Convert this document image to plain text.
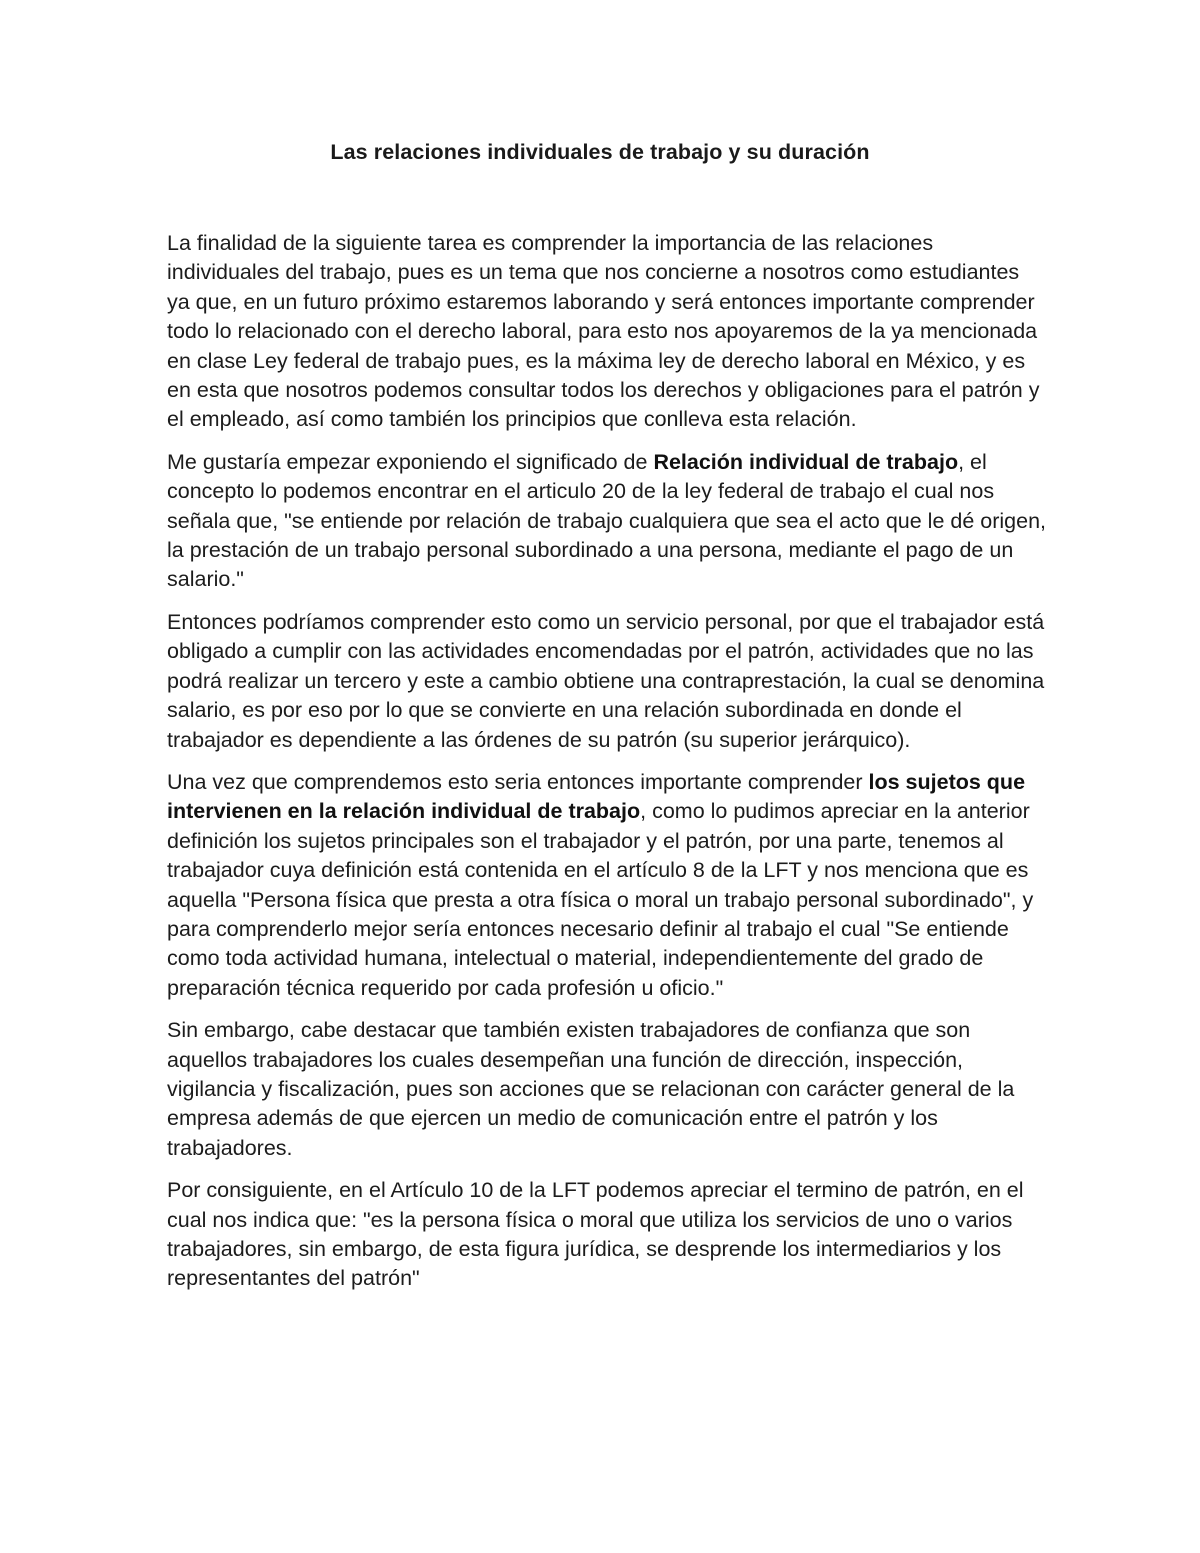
Las relaciones individuales de trabajo y su duración

La finalidad de la siguiente tarea es comprender la importancia de las relaciones individuales del trabajo, pues es un tema que nos concierne a nosotros como estudiantes ya que, en un futuro próximo estaremos laborando y será entonces importante comprender todo lo relacionado con el derecho laboral, para esto nos apoyaremos de la ya mencionada en clase Ley federal de trabajo pues, es la máxima ley de derecho laboral en México, y es en esta que nosotros podemos consultar todos los derechos y obligaciones para el patrón y el empleado, así como también los principios que conlleva esta relación.

Me gustaría empezar exponiendo el significado de Relación individual de trabajo, el concepto lo podemos encontrar en el articulo 20 de la ley federal de trabajo el cual nos señala que, "se entiende por relación de trabajo cualquiera que sea el acto que le dé origen, la prestación de un trabajo personal subordinado a una persona, mediante el pago de un salario."

Entonces podríamos comprender esto como un servicio personal, por que el trabajador está obligado a cumplir con las actividades encomendadas por el patrón, actividades que no las podrá realizar un tercero y este a cambio obtiene una contraprestación, la cual se denomina salario, es por eso por lo que se convierte en una relación subordinada en donde el trabajador es dependiente a las órdenes de su patrón (su superior jerárquico).

Una vez que comprendemos esto seria entonces importante comprender los sujetos que intervienen en la relación individual de trabajo, como lo pudimos apreciar en la anterior definición los sujetos principales son el trabajador y el patrón, por una parte, tenemos al trabajador cuya definición está contenida en el artículo 8 de la LFT y nos menciona que es aquella "Persona física que presta a otra física o moral un trabajo personal subordinado", y para comprenderlo mejor sería entonces necesario definir al trabajo el cual "Se entiende como toda actividad humana, intelectual o material, independientemente del grado de preparación técnica requerido por cada profesión u oficio."

Sin embargo, cabe destacar que también existen trabajadores de confianza que son aquellos trabajadores los cuales desempeñan una función de dirección, inspección, vigilancia y fiscalización, pues son acciones que se relacionan con carácter general de la empresa además de que ejercen un medio de comunicación entre el patrón y los trabajadores.

Por consiguiente, en el Artículo 10 de la LFT podemos apreciar el termino de patrón, en el cual nos indica que: "es la persona física o moral que utiliza los servicios de uno o varios trabajadores, sin embargo, de esta figura jurídica, se desprende los intermediarios y los representantes del patrón"
